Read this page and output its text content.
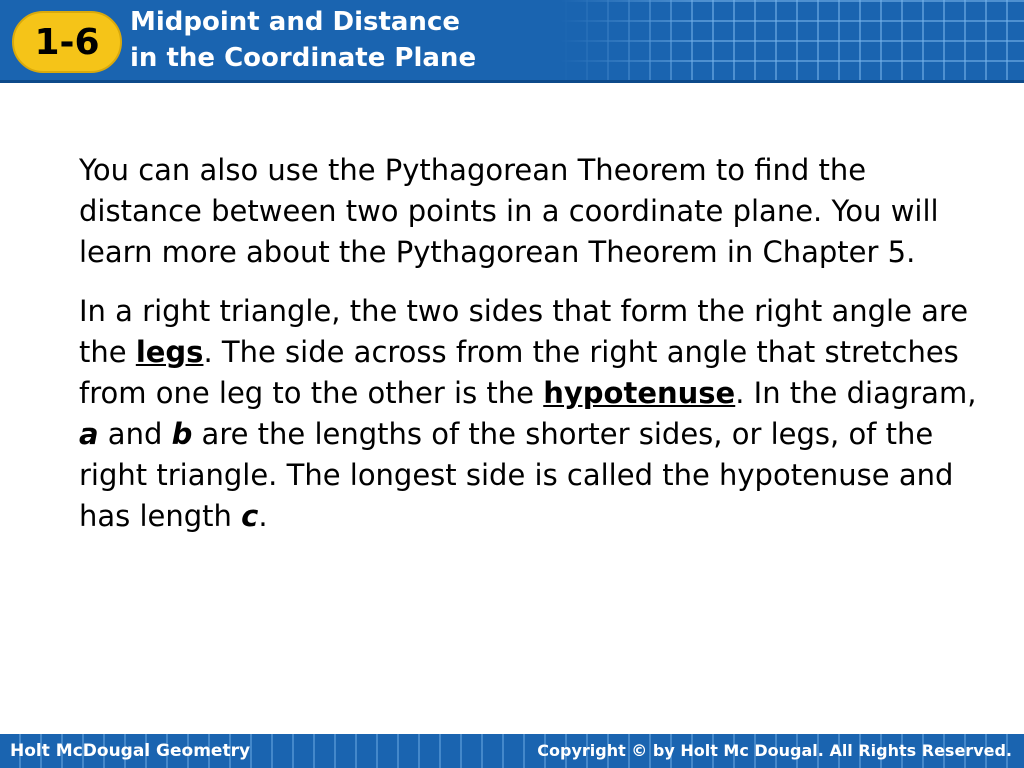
1-6	Midpoint and Distance
in the Coordinate Plane

You can also use the Pythagorean Theorem to find the distance between two points in a coordinate plane. You will learn more about the Pythagorean Theorem in Chapter 5.

In a right triangle, the two sides that form the right angle are the legs. The side across from the right angle that stretches from one leg to the other is the hypotenuse. In the diagram, a and b are the lengths of the shorter sides, or legs, of the right triangle. The longest side is called the hypotenuse and has length c.

Holt McDougal Geometry	Copyright © by Holt Mc Dougal. All Rights Reserved.
